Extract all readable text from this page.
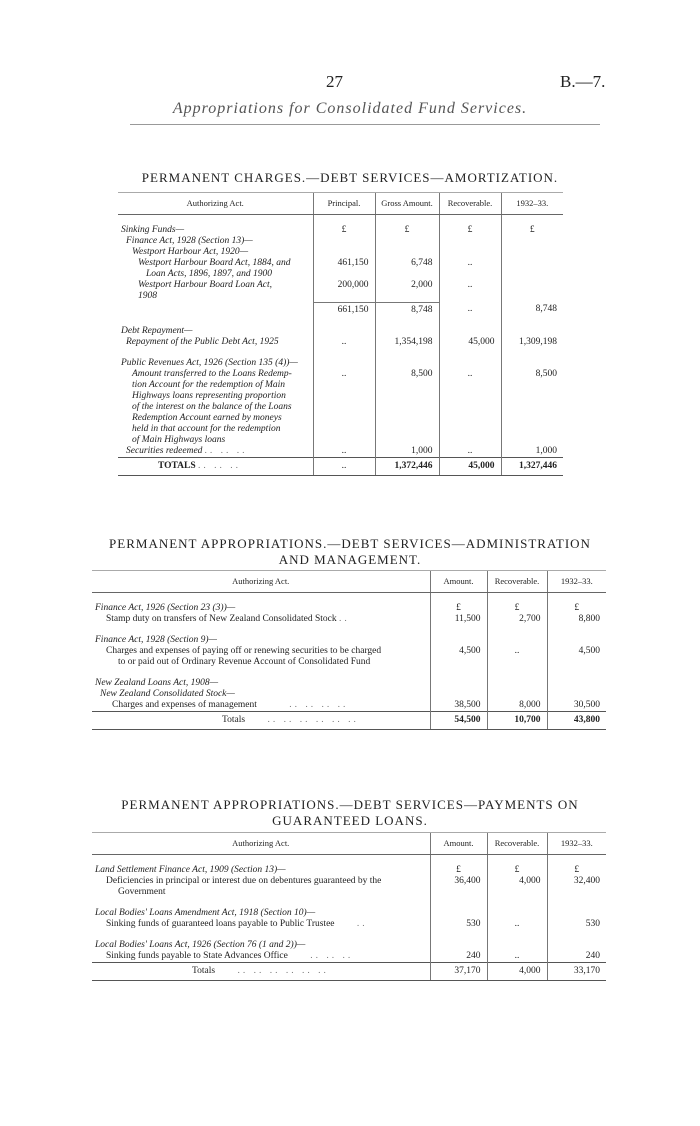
27	B.—7.
Appropriations for Consolidated Fund Services.
PERMANENT CHARGES.—DEBT SERVICES—AMORTIZATION.
Authorizing Act.	Principal.	Gross Amount.	Recoverable.	1932–33.

Sinking Funds—	£	£	£	£
Finance Act, 1928 (Section 13)—				
Westport Harbour Act, 1920—				
Westport Harbour Board Act, 1884, and	461,150	6,748	..	
Loan Acts, 1896, 1897, and 1900				
Westport Harbour Board Loan Act,	200,000	2,000	..	
1908				
	661,150	8,748	..	8,748

Debt Repayment—				
Repayment of the Public Debt Act, 1925	..	1,354,198	45,000	1,309,198

Public Revenues Act, 1926 (Section 135 (4))—				
Amount transferred to the Loans Redemp-	..	8,500	..	8,500
tion Account for the redemption of Main				
Highways loans representing proportion				
of the interest on the balance of the Loans				
Redemption Account earned by moneys				
held in that account for the redemption				
of Main Highways loans				
Securities redeemed .. .. ..	..	1,000	..	1,000
TOTALS .. .. ..	..	1,372,446	45,000	1,327,446
PERMANENT APPROPRIATIONS.—DEBT SERVICES—ADMINISTRATION
AND MANAGEMENT.
Authorizing Act.	Amount.	Recoverable.	1932–33.

Finance Act, 1926 (Section 23 (3))—	£	£	£
Stamp duty on transfers of New Zealand Consolidated Stock ..	11,500	2,700	8,800

Finance Act, 1928 (Section 9)—			
Charges and expenses of paying off or renewing securities to be charged	4,500	..	4,500
to or paid out of Ordinary Revenue Account of Consolidated Fund			

New Zealand Loans Act, 1908—			
New Zealand Consolidated Stock—			
Charges and expenses of management .. .. .. ..	38,500	8,000	30,500
Totals .. .. .. .. .. ..	54,500	10,700	43,800
PERMANENT APPROPRIATIONS.—DEBT SERVICES—PAYMENTS ON
GUARANTEED LOANS.
Authorizing Act.	Amount.	Recoverable.	1932–33.

Land Settlement Finance Act, 1909 (Section 13)—	£	£	£
Deficiencies in principal or interest due on debentures guaranteed by the	36,400	4,000	32,400
Government			

Local Bodies' Loans Amendment Act, 1918 (Section 10)—			
Sinking funds of guaranteed loans payable to Public Trustee ..	530	..	530

Local Bodies' Loans Act, 1926 (Section 76 (1 and 2))—			
Sinking funds payable to State Advances Office .. .. ..	240	..	240
Totals .. .. .. .. .. ..	37,170	4,000	33,170
